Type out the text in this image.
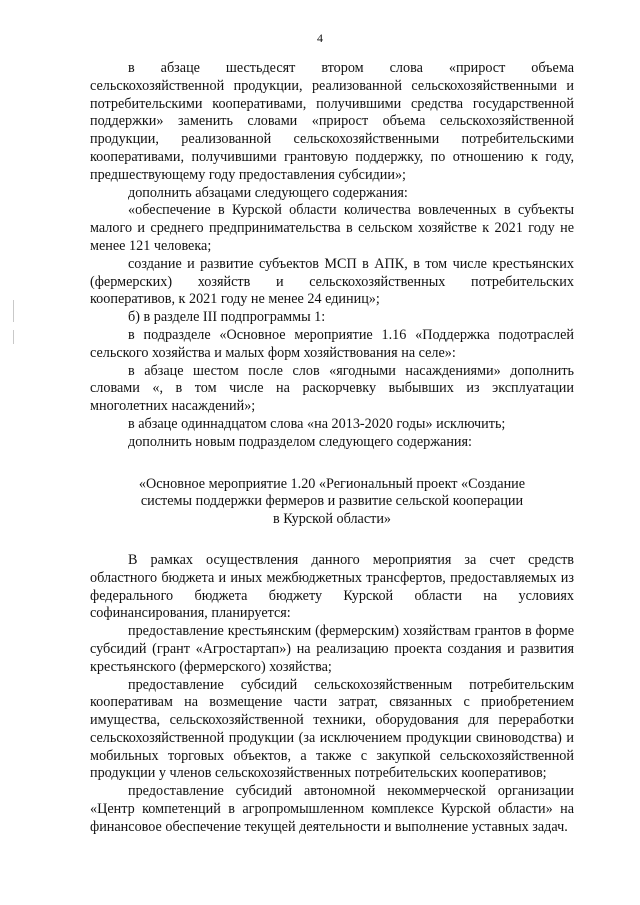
4

в абзаце шестьдесят втором слова «прирост объема сельскохозяйственной продукции, реализованной сельскохозяйственными и потребительскими кооперативами, получившими средства государственной поддержки» заменить словами «прирост объема сельскохозяйственной продукции, реализованной сельскохозяйственными потребительскими кооперативами, получившими грантовую поддержку, по отношению к году, предшествующему году предоставления субсидии»;

дополнить абзацами следующего содержания:

«обеспечение в Курской области количества вовлеченных в субъекты малого и среднего предпринимательства в сельском хозяйстве к 2021 году не менее 121 человека;

создание и развитие субъектов МСП в АПК, в том числе крестьянских (фермерских) хозяйств и сельскохозяйственных потребительских кооперативов, к 2021 году не менее 24 единиц»;

б) в разделе III подпрограммы 1:

в подразделе «Основное мероприятие 1.16 «Поддержка подотраслей сельского хозяйства и малых форм хозяйствования на селе»:

в абзаце шестом после слов «ягодными насаждениями» дополнить словами «, в том числе на раскорчевку выбывших из эксплуатации многолетних насаждений»;

в абзаце одиннадцатом слова «на 2013-2020 годы» исключить;

дополнить новым подразделом следующего содержания:

«Основное мероприятие 1.20 «Региональный проект «Создание
системы поддержки фермеров и развитие сельской кооперации
в Курской области»

В рамках осуществления данного мероприятия за счет средств областного бюджета и иных межбюджетных трансфертов, предоставляемых из федерального бюджета бюджету Курской области на условиях софинансирования, планируется:

предоставление крестьянским (фермерским) хозяйствам грантов в форме субсидий (грант «Агростартап») на реализацию проекта создания и развития крестьянского (фермерского) хозяйства;

предоставление субсидий сельскохозяйственным потребительским кооперативам на возмещение части затрат, связанных с приобретением имущества, сельскохозяйственной техники, оборудования для переработки сельскохозяйственной продукции (за исключением продукции свиноводства) и мобильных торговых объектов, а также с закупкой сельскохозяйственной продукции у членов сельскохозяйственных потребительских кооперативов;

предоставление субсидий автономной некоммерческой организации «Центр компетенций в агропромышленном комплексе Курской области» на финансовое обеспечение текущей деятельности и выполнение уставных задач.
